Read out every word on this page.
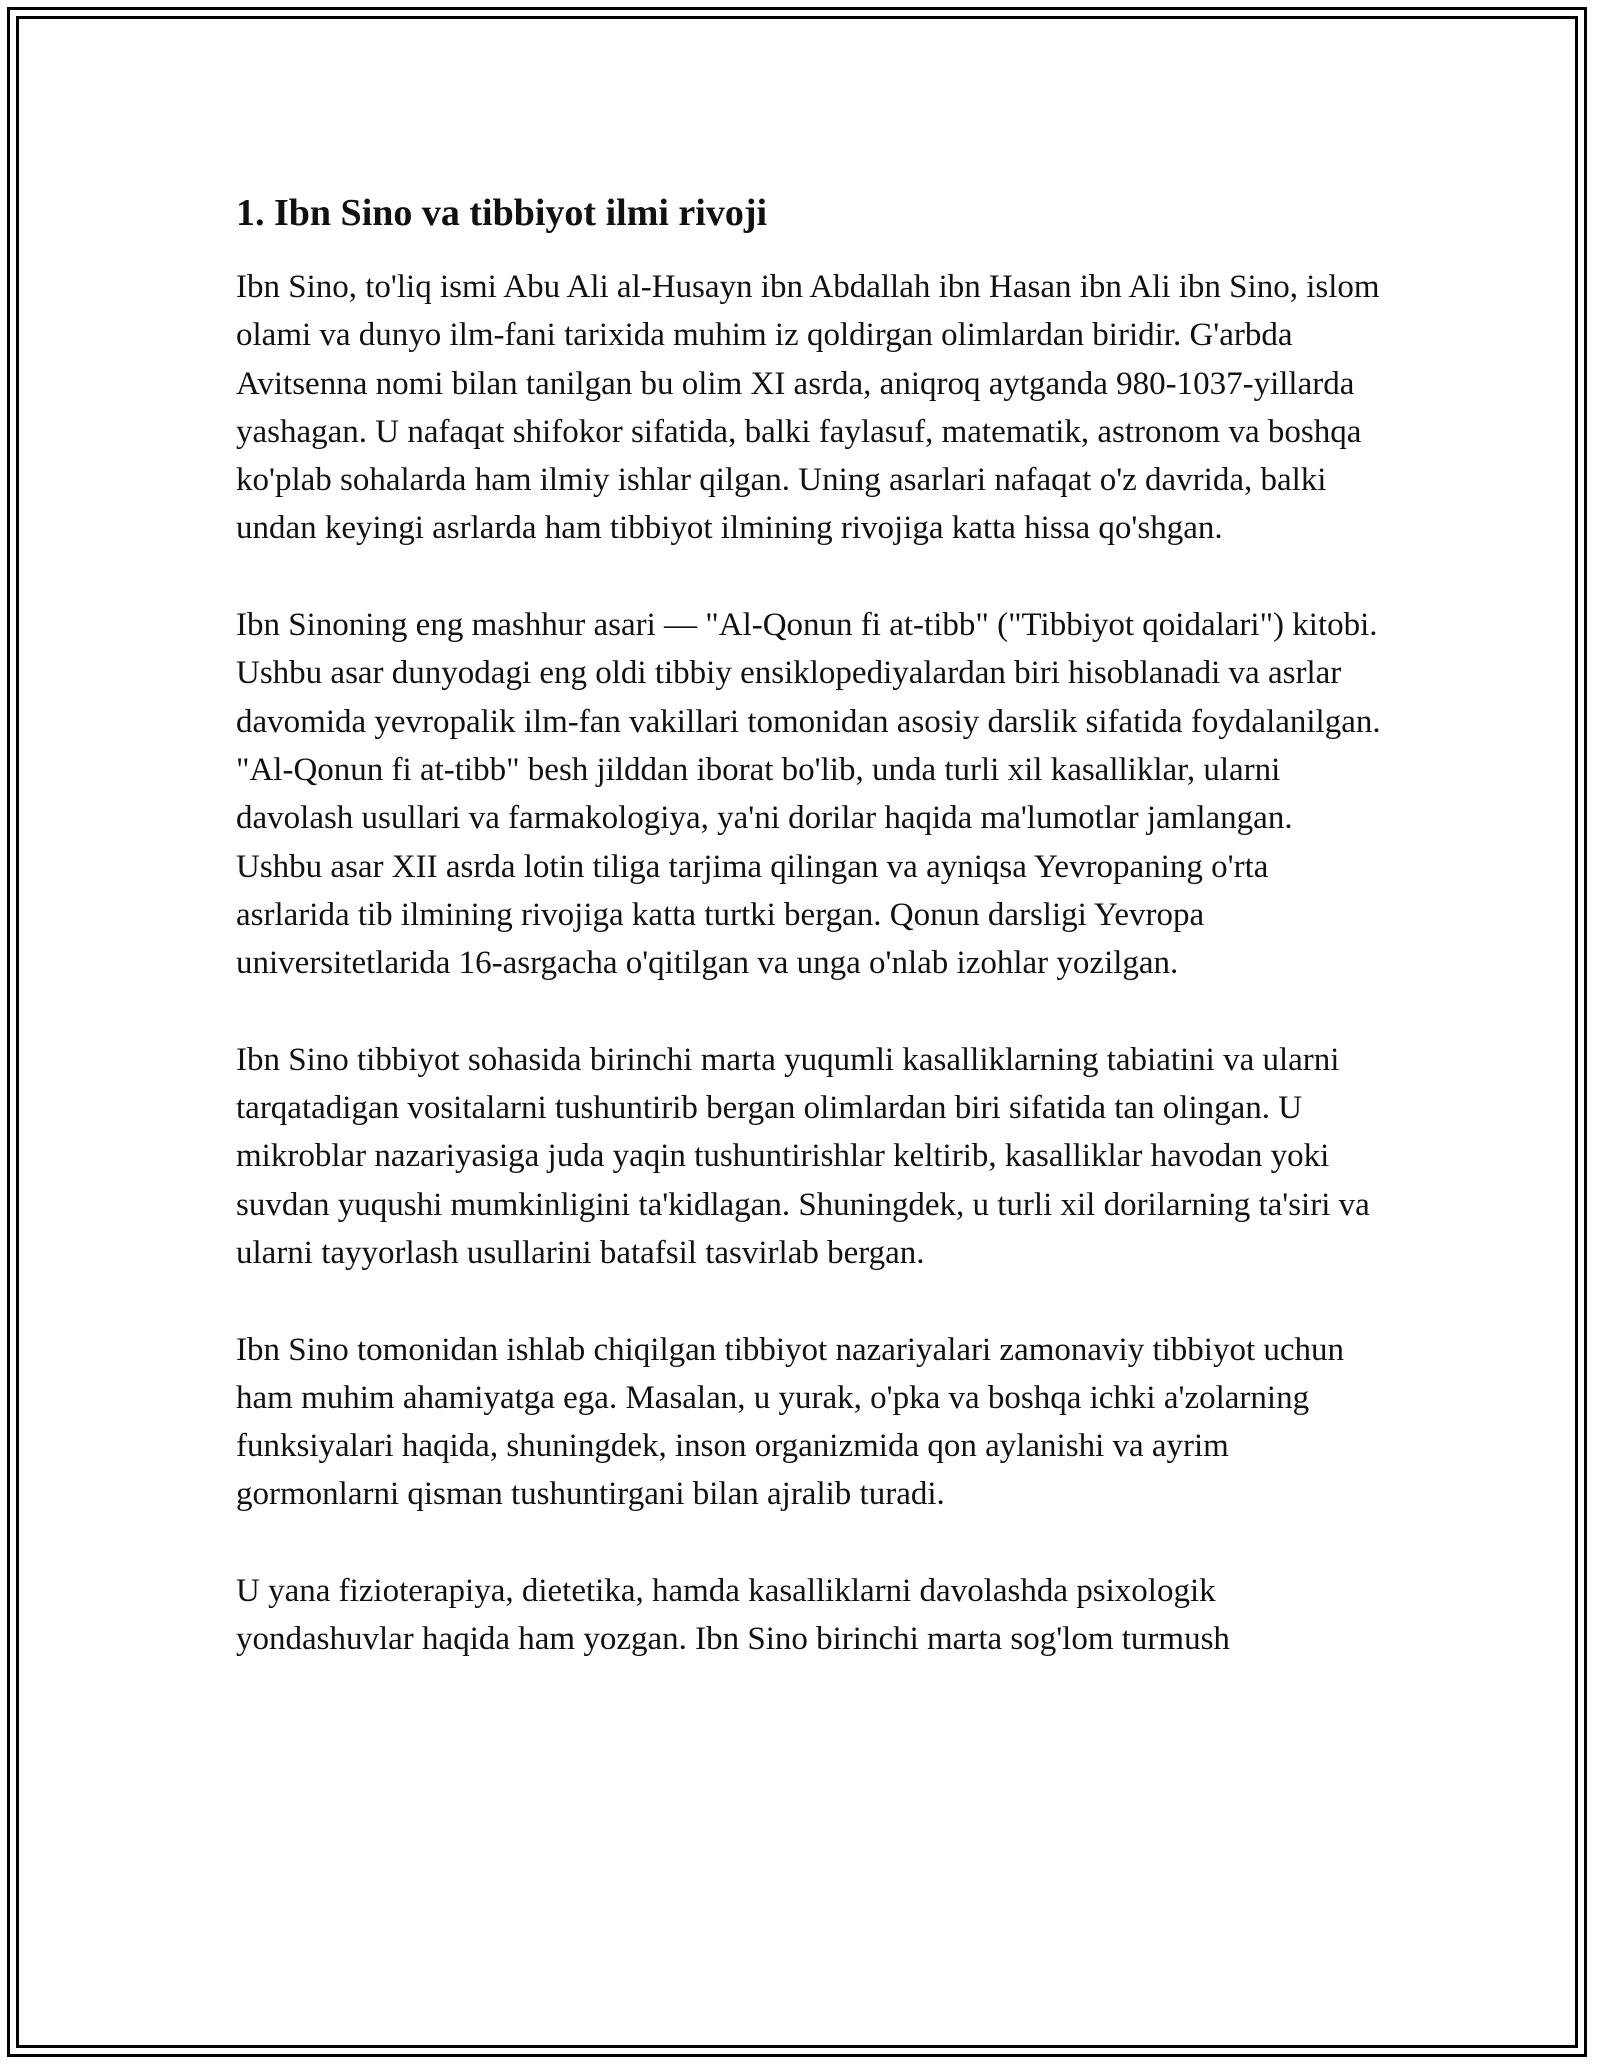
1. Ibn Sino va tibbiyot ilmi rivoji

Ibn Sino, to'liq ismi Abu Ali al-Husayn ibn Abdallah ibn Hasan ibn Ali ibn Sino, islom olami va dunyo ilm-fani tarixida muhim iz qoldirgan olimlardan biridir. G'arbda Avitsenna nomi bilan tanilgan bu olim XI asrda, aniqroq aytganda 980-1037-yillarda yashagan. U nafaqat shifokor sifatida, balki faylasuf, matematik, astronom va boshqa ko'plab sohalarda ham ilmiy ishlar qilgan. Uning asarlari nafaqat o'z davrida, balki undan keyingi asrlarda ham tibbiyot ilmining rivojiga katta hissa qo'shgan.

Ibn Sinoning eng mashhur asari — "Al-Qonun fi at-tibb" ("Tibbiyot qoidalari") kitobi. Ushbu asar dunyodagi eng oldi tibbiy ensiklopediyalardan biri hisoblanadi va asrlar davomida yevropalik ilm-fan vakillari tomonidan asosiy darslik sifatida foydalanilgan. "Al-Qonun fi at-tibb" besh jilddan iborat bo'lib, unda turli xil kasalliklar, ularni davolash usullari va farmakologiya, ya'ni dorilar haqida ma'lumotlar jamlangan. Ushbu asar XII asrda lotin tiliga tarjima qilingan va ayniqsa Yevropaning o'rta asrlarida tib ilmining rivojiga katta turtki bergan. Qonun darsligi Yevropa universitetlarida 16-asrgacha o'qitilgan va unga o'nlab izohlar yozilgan.

Ibn Sino tibbiyot sohasida birinchi marta yuqumli kasalliklarning tabiatini va ularni tarqatadigan vositalarni tushuntirib bergan olimlardan biri sifatida tan olingan. U mikroblar nazariyasiga juda yaqin tushuntirishlar keltirib, kasalliklar havodan yoki suvdan yuqushi mumkinligini ta'kidlagan. Shuningdek, u turli xil dorilarning ta'siri va ularni tayyorlash usullarini batafsil tasvirlab bergan.

Ibn Sino tomonidan ishlab chiqilgan tibbiyot nazariyalari zamonaviy tibbiyot uchun ham muhim ahamiyatga ega. Masalan, u yurak, o'pka va boshqa ichki a'zolarning funksiyalari haqida, shuningdek, inson organizmida qon aylanishi va ayrim gormonlarni qisman tushuntirgani bilan ajralib turadi.

U yana fizioterapiya, dietetika, hamda kasalliklarni davolashda psixologik yondashuvlar haqida ham yozgan. Ibn Sino birinchi marta sog'lom turmush
